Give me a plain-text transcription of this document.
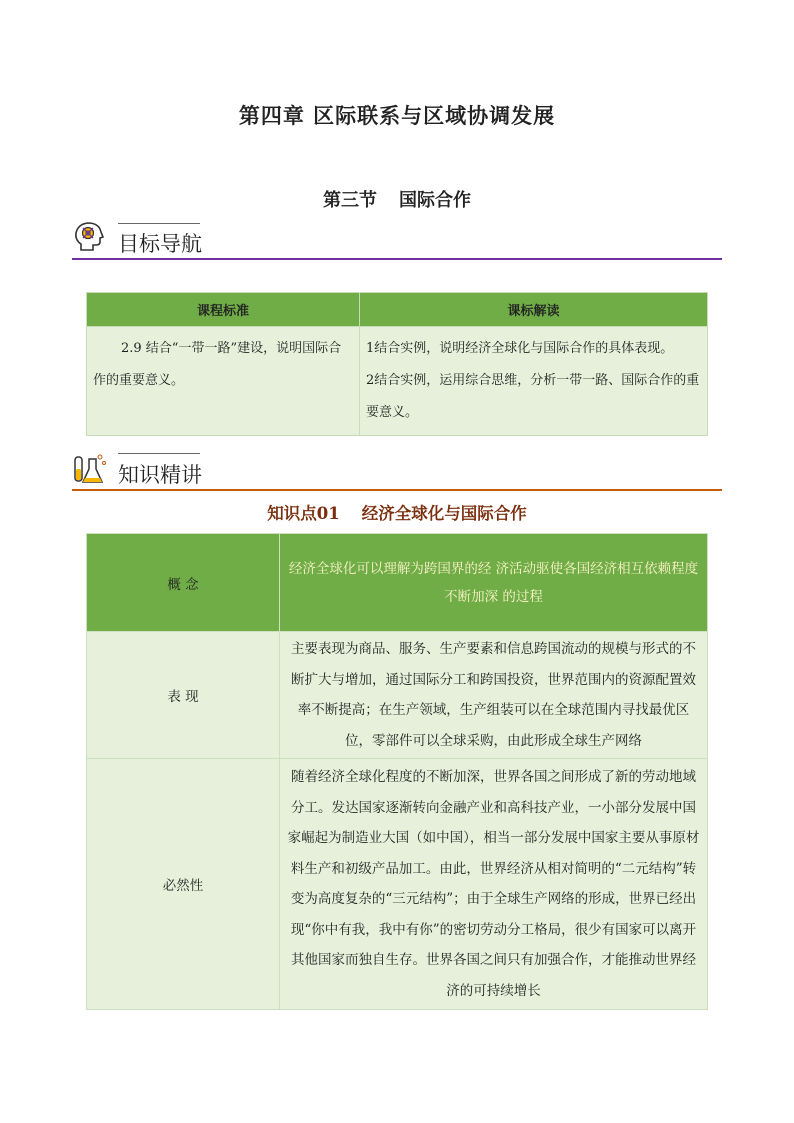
第四章 区际联系与区域协调发展
第三节 国际合作
目标导航
课程标准	课标解读
2.9 结合“一带一路”建设，说明国际合作的重要意义。	1结合实例，说明经济全球化与国际合作的具体表现。
2结合实例，运用综合思维，分析一带一路、国际合作的重要意义。
知识精讲
知识点01 经济全球化与国际合作
概 念	经济全球化可以理解为跨国界的经 济活动驱使各国经济相互依赖程度不断加深 的过程
表 现	主要表现为商品、服务、生产要素和信息跨国流动的规模与形式的不断扩大与增加，通过国际分工和跨国投资，世界范围内的资源配置效率不断提高；在生产领域，生产组装可以在全球范围内寻找最优区位，零部件可以全球采购，由此形成全球生产网络
必然性	随着经济全球化程度的不断加深，世界各国之间形成了新的劳动地域分工。发达国家逐渐转向金融产业和高科技产业，一小部分发展中国家崛起为制造业大国（如中国），相当一部分发展中国家主要从事原材料生产和初级产品加工。由此，世界经济从相对简明的“二元结构”转变为高度复杂的“三元结构”；由于全球生产网络的形成，世界已经出现“你中有我，我中有你”的密切劳动分工格局，很少有国家可以离开其他国家而独自生存。世界各国之间只有加强合作，才能推动世界经济的可持续增长
